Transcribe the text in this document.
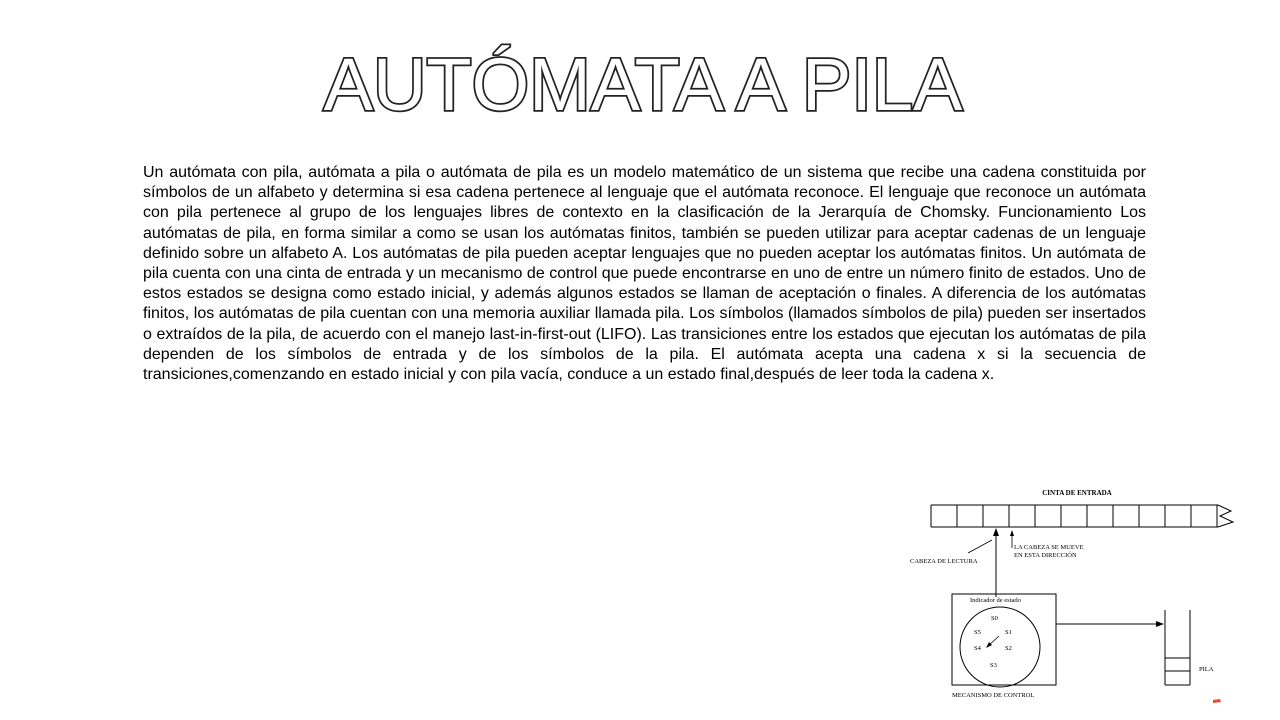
AUTÓMATA A PILA
Un autómata con pila, autómata a pila o autómata de pila es un modelo matemático de un sistema que recibe una cadena constituida por símbolos de un alfabeto y determina si esa cadena pertenece al lenguaje que el autómata reconoce. El lenguaje que reconoce un autómata con pila pertenece al grupo de los lenguajes libres de contexto en la clasificación de la Jerarquía de Chomsky. Funcionamiento Los autómatas de pila, en forma similar a como se usan los autómatas finitos, también se pueden utilizar para aceptar cadenas de un lenguaje definido sobre un alfabeto A. Los autómatas de pila pueden aceptar lenguajes que no pueden aceptar los autómatas finitos. Un autómata de pila cuenta con una cinta de entrada y un mecanismo de control que puede encontrarse en uno de entre un número finito de estados. Uno de estos estados se designa como estado inicial, y además algunos estados se llaman de aceptación o finales. A diferencia de los autómatas finitos, los autómatas de pila cuentan con una memoria auxiliar llamada pila. Los símbolos (llamados símbolos de pila) pueden ser insertados o extraídos de la pila, de acuerdo con el manejo last-in-first-out (LIFO). Las transiciones entre los estados que ejecutan los autómatas de pila dependen de los símbolos de entrada y de los símbolos de la pila. El autómata acepta una cadena x si la secuencia de transiciones,comenzando en estado inicial y con pila vacía, conduce a un estado final,después de leer toda la cadena x.
CINTA DE ENTRADA
CABEZA DE LECTURA
LA CABEZA SE MUEVE
EN ESTA DIRECCIÓN
Indicador de estado
S0
S1
S2
S3
S4
S5
MECANISMO DE CONTROL
PILA
